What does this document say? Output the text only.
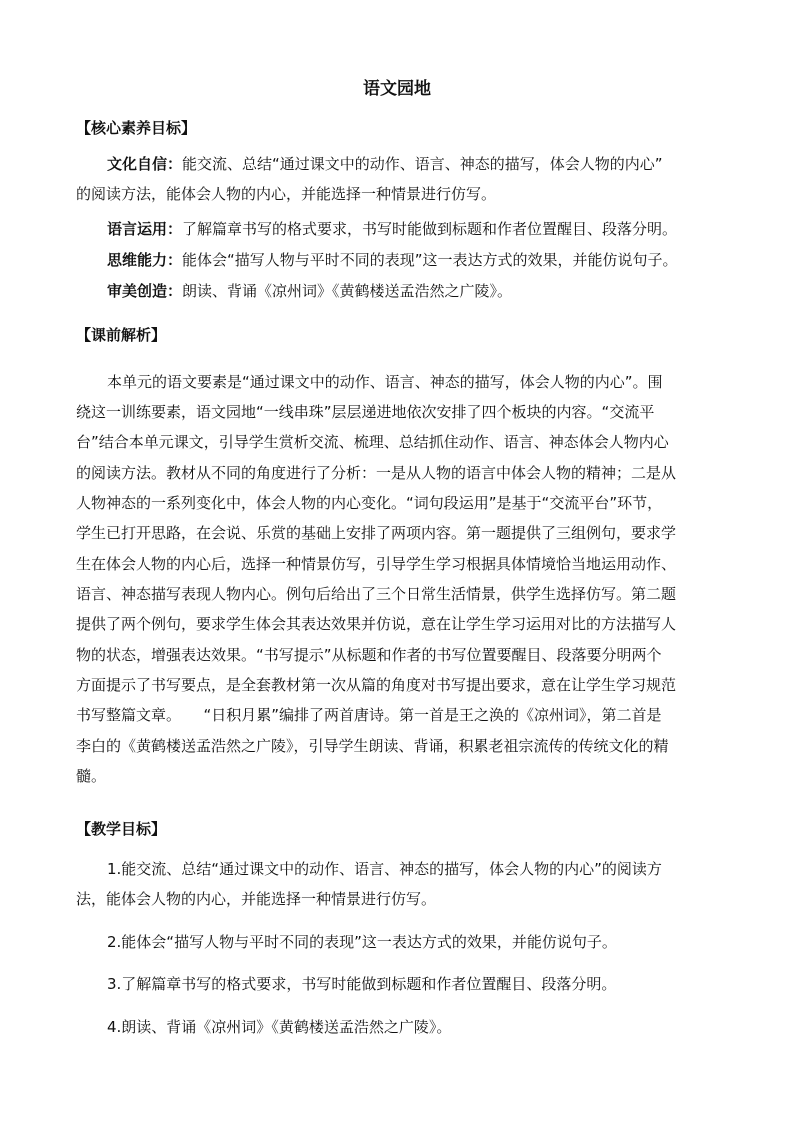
语文园地
【核心素养目标】
文化自信：能交流、总结“通过课文中的动作、语言、神态的描写，体会人物的内心”
的阅读方法，能体会人物的内心，并能选择一种情景进行仿写。
语言运用：了解篇章书写的格式要求，书写时能做到标题和作者位置醒目、段落分明。
思维能力：能体会“描写人物与平时不同的表现”这一表达方式的效果，并能仿说句子。
审美创造：朗读、背诵《凉州词》《黄鹤楼送孟浩然之广陵》。
【课前解析】
本单元的语文要素是“通过课文中的动作、语言、神态的描写，体会人物的内心”。围
绕这一训练要素，语文园地“一线串珠”层层递进地依次安排了四个板块的内容。“交流平
台”结合本单元课文，引导学生赏析交流、梳理、总结抓住动作、语言、神态体会人物内心
的阅读方法。教材从不同的角度进行了分析：一是从人物的语言中体会人物的精神；二是从
人物神态的一系列变化中，体会人物的内心变化。“词句段运用”是基于“交流平台”环节，
学生已打开思路，在会说、乐赏的基础上安排了两项内容。第一题提供了三组例句，要求学
生在体会人物的内心后，选择一种情景仿写，引导学生学习根据具体情境恰当地运用动作、
语言、神态描写表现人物内心。例句后给出了三个日常生活情景，供学生选择仿写。第二题
提供了两个例句，要求学生体会其表达效果并仿说，意在让学生学习运用对比的方法描写人
物的状态，增强表达效果。“书写提示”从标题和作者的书写位置要醒目、段落要分明两个
方面提示了书写要点，是全套教材第一次从篇的角度对书写提出要求，意在让学生学习规范
书写整篇文章。　　“日积月累”编排了两首唐诗。第一首是王之涣的《凉州词》，第二首是
李白的《黄鹤楼送孟浩然之广陵》，引导学生朗读、背诵，积累老祖宗流传的传统文化的精
髓。
【教学目标】
1.能交流、总结“通过课文中的动作、语言、神态的描写，体会人物的内心”的阅读方
法，能体会人物的内心，并能选择一种情景进行仿写。
2.能体会“描写人物与平时不同的表现”这一表达方式的效果，并能仿说句子。
3.了解篇章书写的格式要求，书写时能做到标题和作者位置醒目、段落分明。
4.朗读、背诵《凉州词》《黄鹤楼送孟浩然之广陵》。
